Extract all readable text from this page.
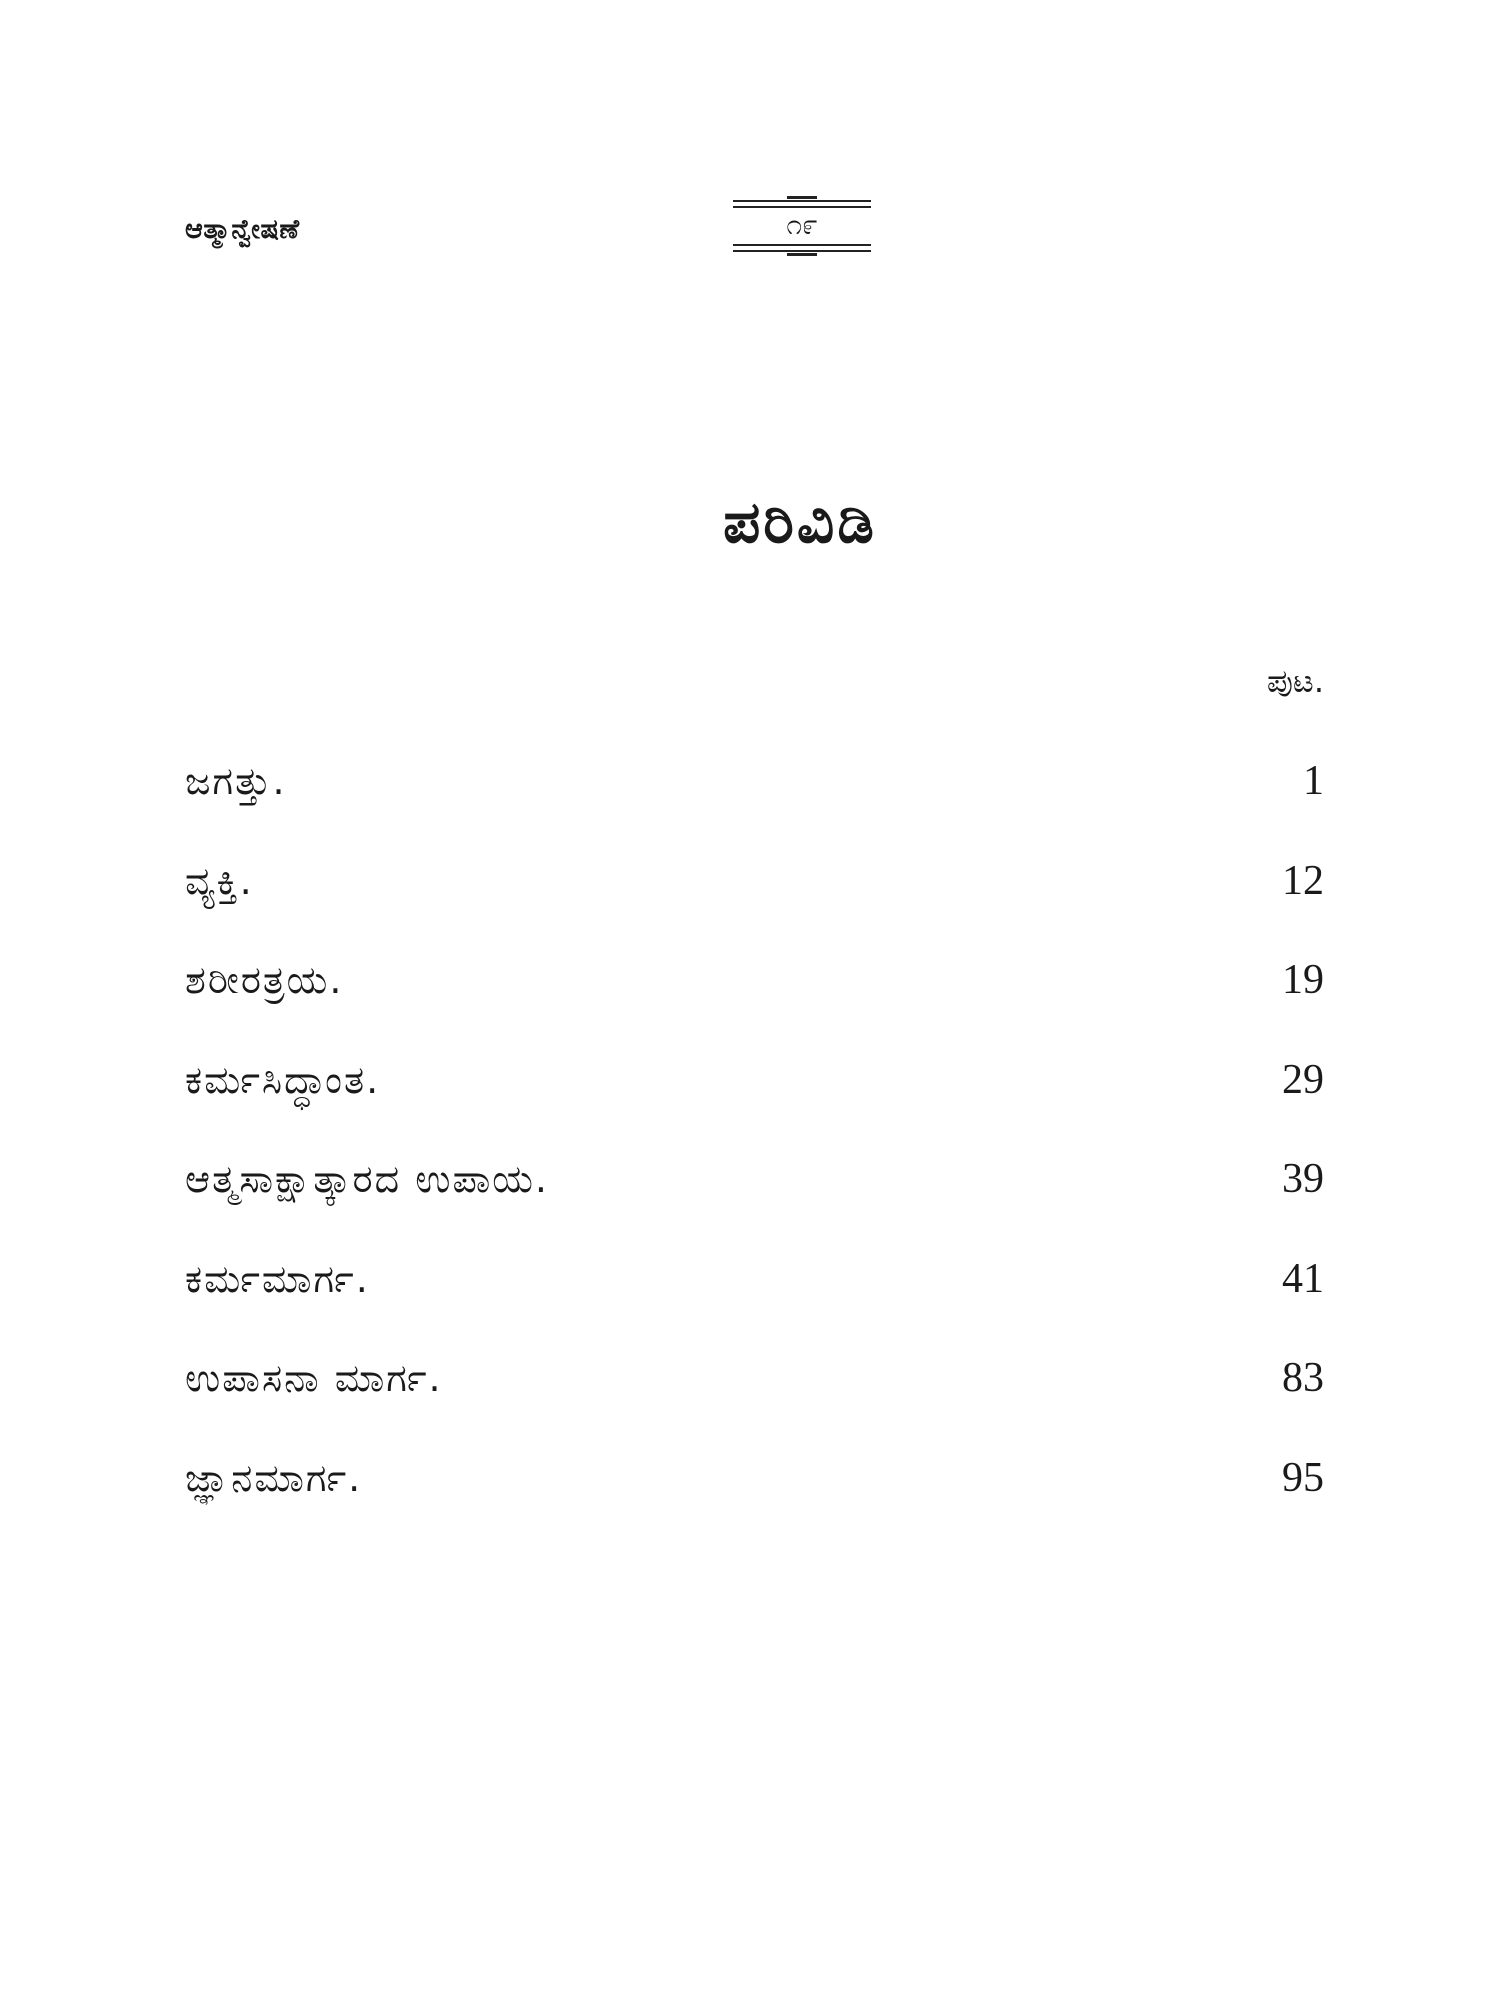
ಆತ್ಮಾನ್ವೇಷಣೆ	೧೯
ಪರಿವಿಡಿ
ಪುಟ.
ಜಗತ್ತು.	1
ವ್ಯಕ್ತಿ.	12
ಶರೀರತ್ರಯ.	19
ಕರ್ಮಸಿದ್ಧಾಂತ.	29
ಆತ್ಮಸಾಕ್ಷಾತ್ಕಾರದ ಉಪಾಯ.	39
ಕರ್ಮಮಾರ್ಗ.	41
ಉಪಾಸನಾ ಮಾರ್ಗ.	83
ಜ್ಞಾನಮಾರ್ಗ.	95
